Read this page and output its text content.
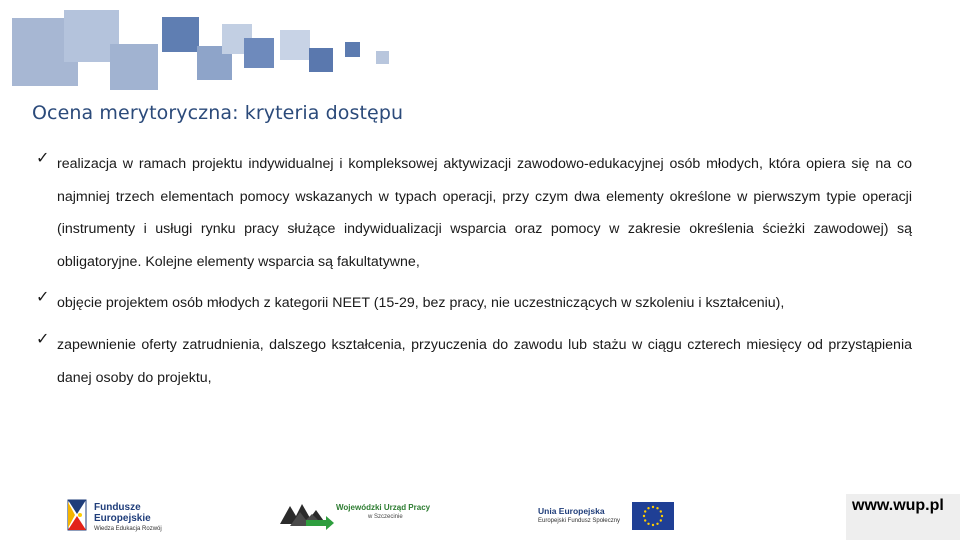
Ocena merytoryczna: kryteria dostępu
✓ realizacja w ramach projektu indywidualnej i kompleksowej aktywizacji zawodowo-edukacyjnej osób młodych, która opiera się na co najmniej trzech elementach pomocy wskazanych w typach operacji, przy czym dwa elementy określone w pierwszym typie operacji (instrumenty i usługi rynku pracy służące indywidualizacji wsparcia oraz pomocy w zakresie określenia ścieżki zawodowej) są obligatoryjne. Kolejne elementy wsparcia są fakultatywne,
✓ objęcie projektem osób młodych z kategorii NEET (15-29, bez pracy, nie uczestniczących w szkoleniu i kształceniu),
✓ zapewnienie oferty zatrudnienia, dalszego kształcenia, przyuczenia do zawodu lub stażu w ciągu czterech miesięcy od przystąpienia danej osoby do projektu,
Fundusze
Europejskie
Wiedza Edukacja Rozwój
Wojewódzki Urząd Pracy
w Szczecinie
Unia Europejska
Europejski Fundusz Społeczny
www.wup.pl
